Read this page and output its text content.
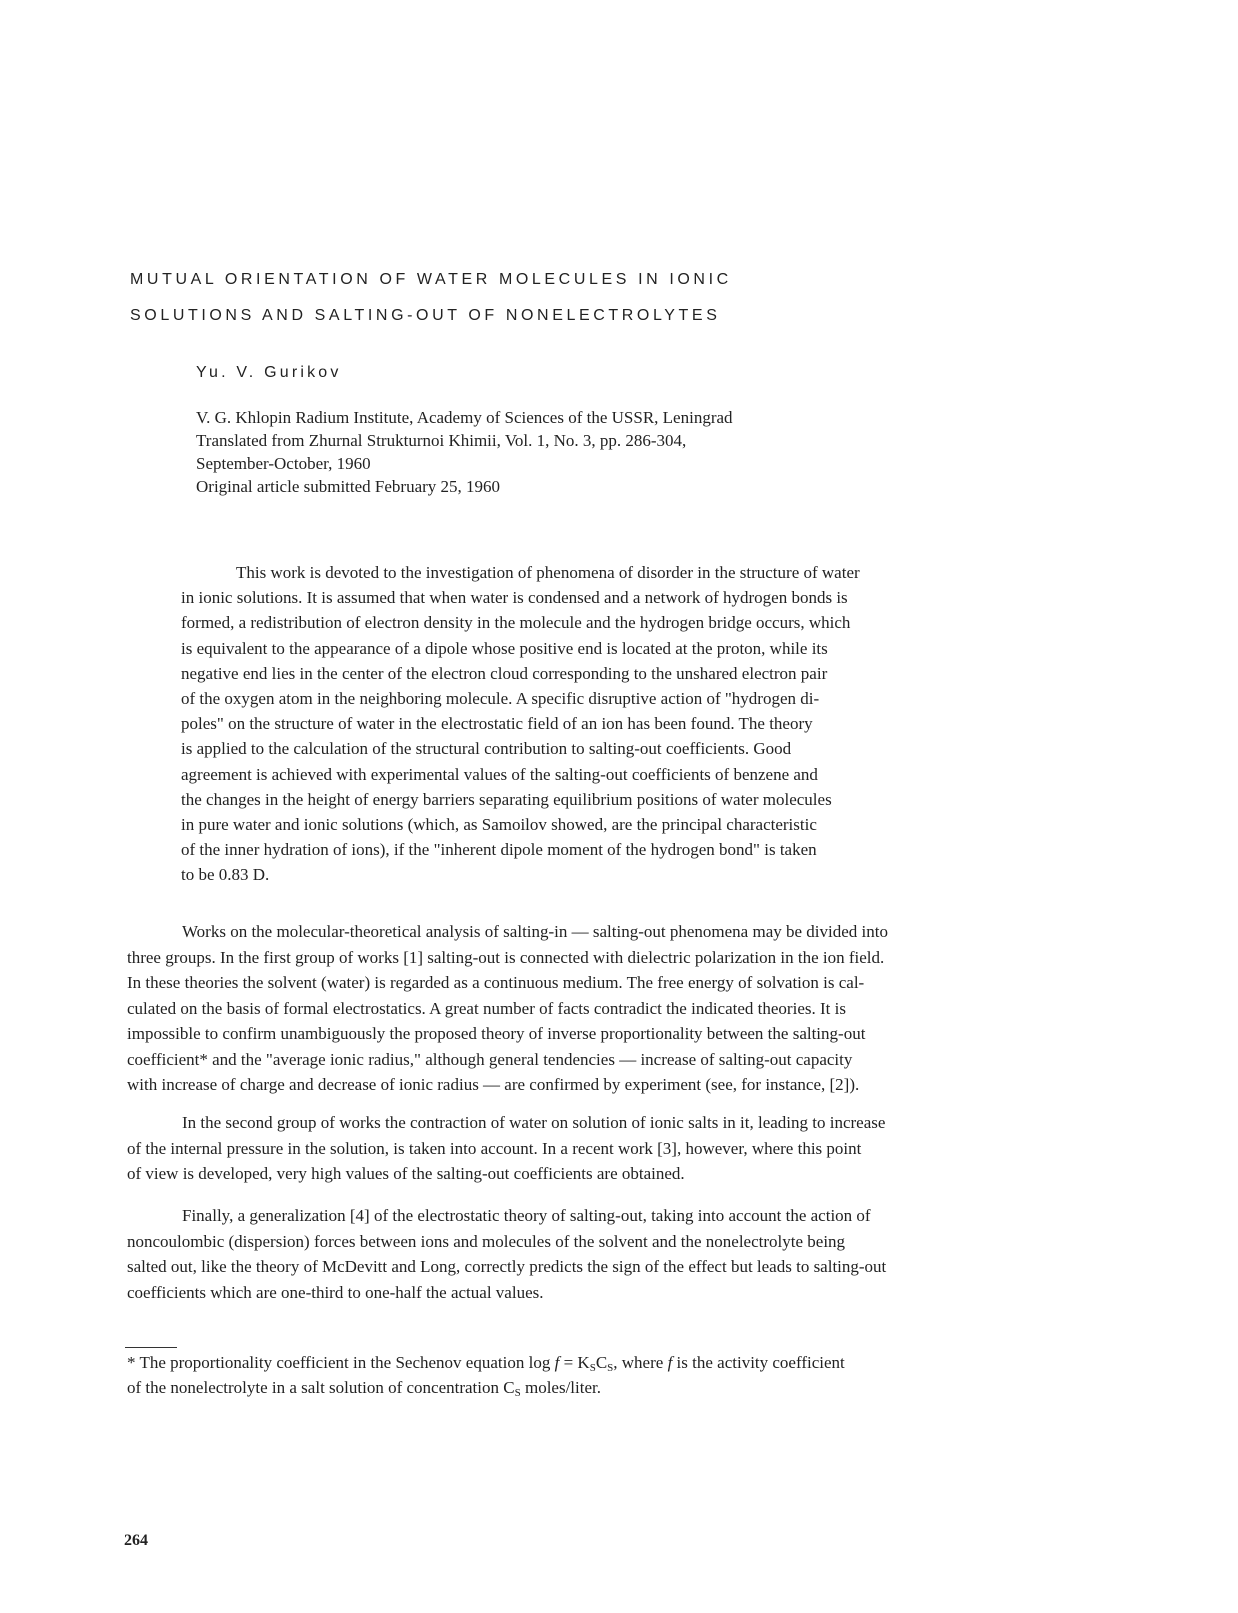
MUTUAL ORIENTATION OF WATER MOLECULES IN IONIC
SOLUTIONS AND SALTING-OUT OF NONELECTROLYTES
Yu. V. Gurikov
V. G. Khlopin Radium Institute, Academy of Sciences of the USSR, Leningrad
Translated from Zhurnal Strukturnoi Khimii, Vol. 1, No. 3, pp. 286-304,
September-October, 1960
Original article submitted February 25, 1960
This work is devoted to the investigation of phenomena of disorder in the structure of water
in ionic solutions. It is assumed that when water is condensed and a network of hydrogen bonds is
formed, a redistribution of electron density in the molecule and the hydrogen bridge occurs, which
is equivalent to the appearance of a dipole whose positive end is located at the proton, while its
negative end lies in the center of the electron cloud corresponding to the unshared electron pair
of the oxygen atom in the neighboring molecule. A specific disruptive action of "hydrogen di-
poles" on the structure of water in the electrostatic field of an ion has been found. The theory
is applied to the calculation of the structural contribution to salting-out coefficients. Good
agreement is achieved with experimental values of the salting-out coefficients of benzene and
the changes in the height of energy barriers separating equilibrium positions of water molecules
in pure water and ionic solutions (which, as Samoilov showed, are the principal characteristic
of the inner hydration of ions), if the "inherent dipole moment of the hydrogen bond" is taken
to be 0.83 D.
Works on the molecular-theoretical analysis of salting-in — salting-out phenomena may be divided into
three groups. In the first group of works [1] salting-out is connected with dielectric polarization in the ion field.
In these theories the solvent (water) is regarded as a continuous medium. The free energy of solvation is cal-
culated on the basis of formal electrostatics. A great number of facts contradict the indicated theories. It is
impossible to confirm unambiguously the proposed theory of inverse proportionality between the salting-out
coefficient* and the "average ionic radius," although general tendencies — increase of salting-out capacity
with increase of charge and decrease of ionic radius — are confirmed by experiment (see, for instance, [2]).
In the second group of works the contraction of water on solution of ionic salts in it, leading to increase
of the internal pressure in the solution, is taken into account. In a recent work [3], however, where this point
of view is developed, very high values of the salting-out coefficients are obtained.
Finally, a generalization [4] of the electrostatic theory of salting-out, taking into account the action of
noncoulombic (dispersion) forces between ions and molecules of the solvent and the nonelectrolyte being
salted out, like the theory of McDevitt and Long, correctly predicts the sign of the effect but leads to salting-out
coefficients which are one-third to one-half the actual values.
* The proportionality coefficient in the Sechenov equation $\log f = K_SC_S$, where f is the activity coefficient
of the nonelectrolyte in a salt solution of concentration $C_S$ moles/liter.
264
